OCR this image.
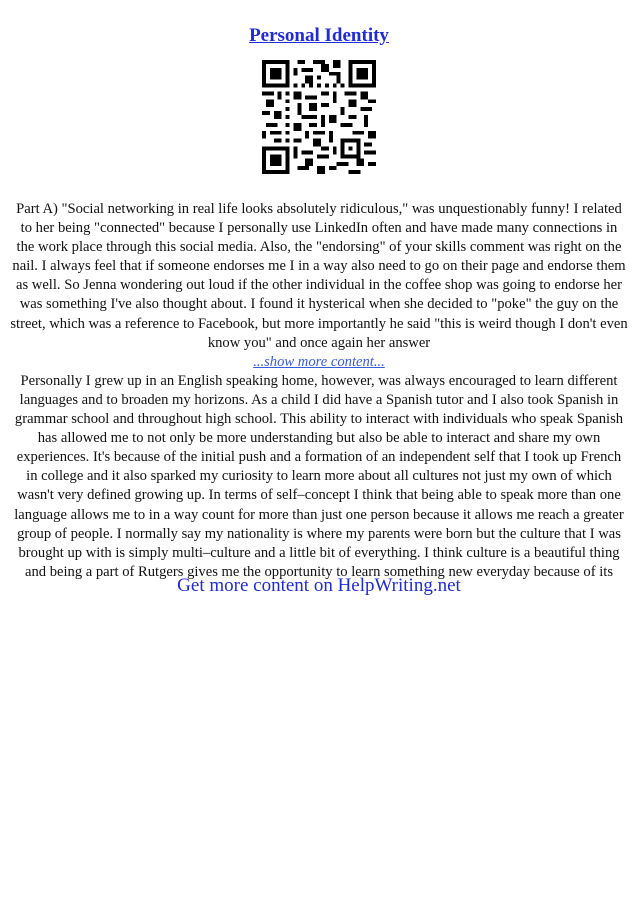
Personal Identity

Part A) "Social networking in real life looks absolutely ridiculous," was unquestionably funny! I related to her being "connected" because I personally use LinkedIn often and have made many connections in the work place through this social media. Also, the "endorsing" of your skills comment was right on the nail. I always feel that if someone endorses me I in a way also need to go on their page and endorse them as well. So Jenna wondering out loud if the other individual in the coffee shop was going to endorse her was something I've also thought about. I found it hysterical when she decided to "poke" the guy on the street, which was a reference to Facebook, but more importantly he said "this is weird though I don't even know you" and once again her answer
...show more content...

Personally I grew up in an English speaking home, however, was always encouraged to learn different languages and to broaden my horizons. As a child I did have a Spanish tutor and I also took Spanish in grammar school and throughout high school. This ability to interact with individuals who speak Spanish has allowed me to not only be more understanding but also be able to interact and share my own experiences. It's because of the initial push and a formation of an independent self that I took up French in college and it also sparked my curiosity to learn more about all cultures not just my own of which wasn't very defined growing up. In terms of self–concept I think that being able to speak more than one language allows me to in a way count for more than just one person because it allows me reach a greater group of people. I normally say my nationality is where my parents were born but the culture that I was brought up with is simply multi–culture and a little bit of everything. I think culture is a beautiful thing and being a part of Rutgers gives me the opportunity to learn something new everyday because of its

Get more content on HelpWriting.net
